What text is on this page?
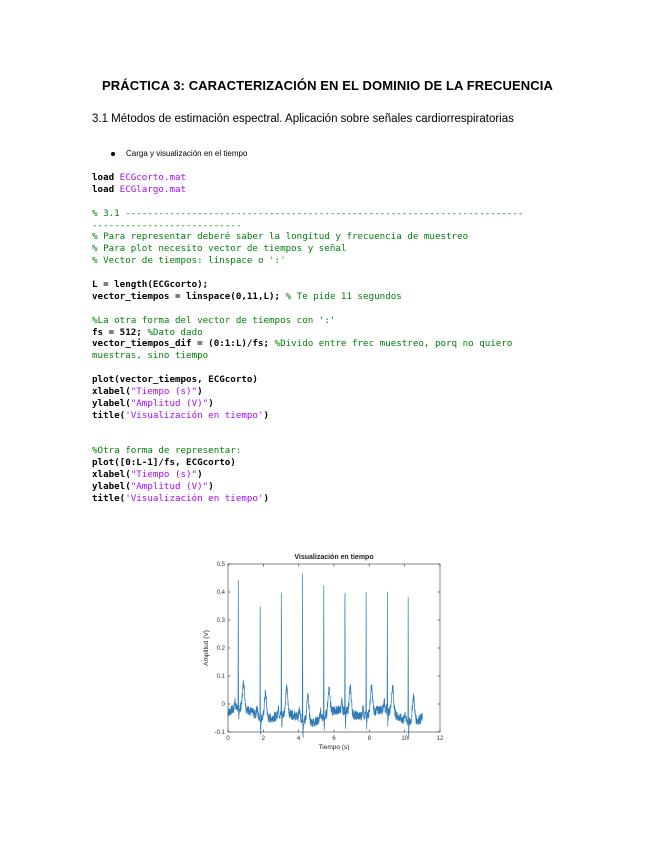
PRÁCTICA 3: CARACTERIZACIÓN EN EL DOMINIO DE LA FRECUENCIA
3.1 Métodos de estimación espectral. Aplicación sobre señales cardiorrespiratorias
Carga y visualización en el tiempo
load ECGcorto.mat
load ECGlargo.mat

% 3.1 ------------------------------------------------------------------------
---------------------------
% Para representar deberé saber la longitud y frecuencia de muestreo
% Para plot necesito vector de tiempos y señal
% Vector de tiempos: linspace o ':'

L = length(ECGcorto);
vector_tiempos = linspace(0,11,L); % Te pide 11 segundos

%La otra forma del vector de tiempos con ':'
fs = 512; %Dato dado
vector_tiempos_dif = (0:1:L)/fs; %Divido entre frec muestreo, porq no quiero
muestras, sino tiempo

plot(vector_tiempos, ECGcorto)
xlabel("Tiempo (s)")
ylabel("Amplitud (V)")
title('Visualización en tiempo')

%Otra forma de representar:
plot([0:L-1]/fs, ECGcorto)
xlabel("Tiempo (s)")
ylabel("Amplitud (V)")
title('Visualización en tiempo')
Visualización en tiempo
0	2	4	6	8	10	12
-0.1
0
0.1
0.2
0.3
0.4
0.5
Tiempo (s)
Amplitud (V)
